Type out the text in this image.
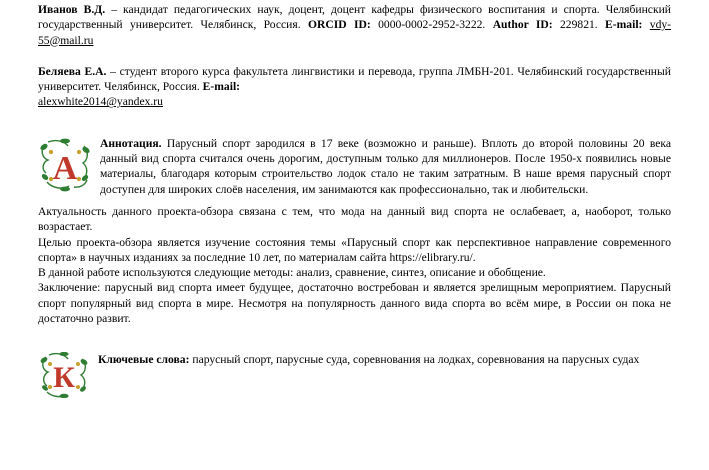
Иванов В.Д. – кандидат педагогических наук, доцент, доцент кафедры физического воспитания и спорта. Челябинский государственный университет. Челябинск, Россия. ORCID ID: 0000-0002-2952-3222. Author ID: 229821. E-mail: vdy-55@mail.ru

Беляева Е.А. – студент второго курса факультета лингвистики и перевода, группа ЛМБН-201. Челябинский государственный университет. Челябинск, Россия. E-mail:

alexwhite2014@yandex.ru

А
Аннотация. Парусный спорт зародился в 17 веке (возможно и раньше). Вплоть до второй половины 20 века данный вид спорта считался очень дорогим, доступным только для миллионеров. После 1950-х появились новые материалы, благодаря которым строительство лодок стало не таким затратным. В наше время парусный спорт доступен для широких слоёв населения, им занимаются как профессионально, так и любительски.

Актуальность данного проекта-обзора связана с тем, что мода на данный вид спорта не ослабевает, а, наоборот, только возрастает.

Целью проекта-обзора является изучение состояния темы «Парусный спорт как перспективное направление современного спорта» в научных изданиях за последние 10 лет, по материалам сайта https://elibrary.ru/.

В данной работе используются следующие методы: анализ, сравнение, синтез, описание и обобщение.

Заключение: парусный вид спорта имеет будущее, достаточно востребован и является зрелищным мероприятием. Парусный спорт популярный вид спорта в мире. Несмотря на популярность данного вида спорта во всём мире, в России он пока не достаточно развит.

К
Ключевые слова: парусный спорт, парусные суда, соревнования на лодках, соревнования на парусных судах
